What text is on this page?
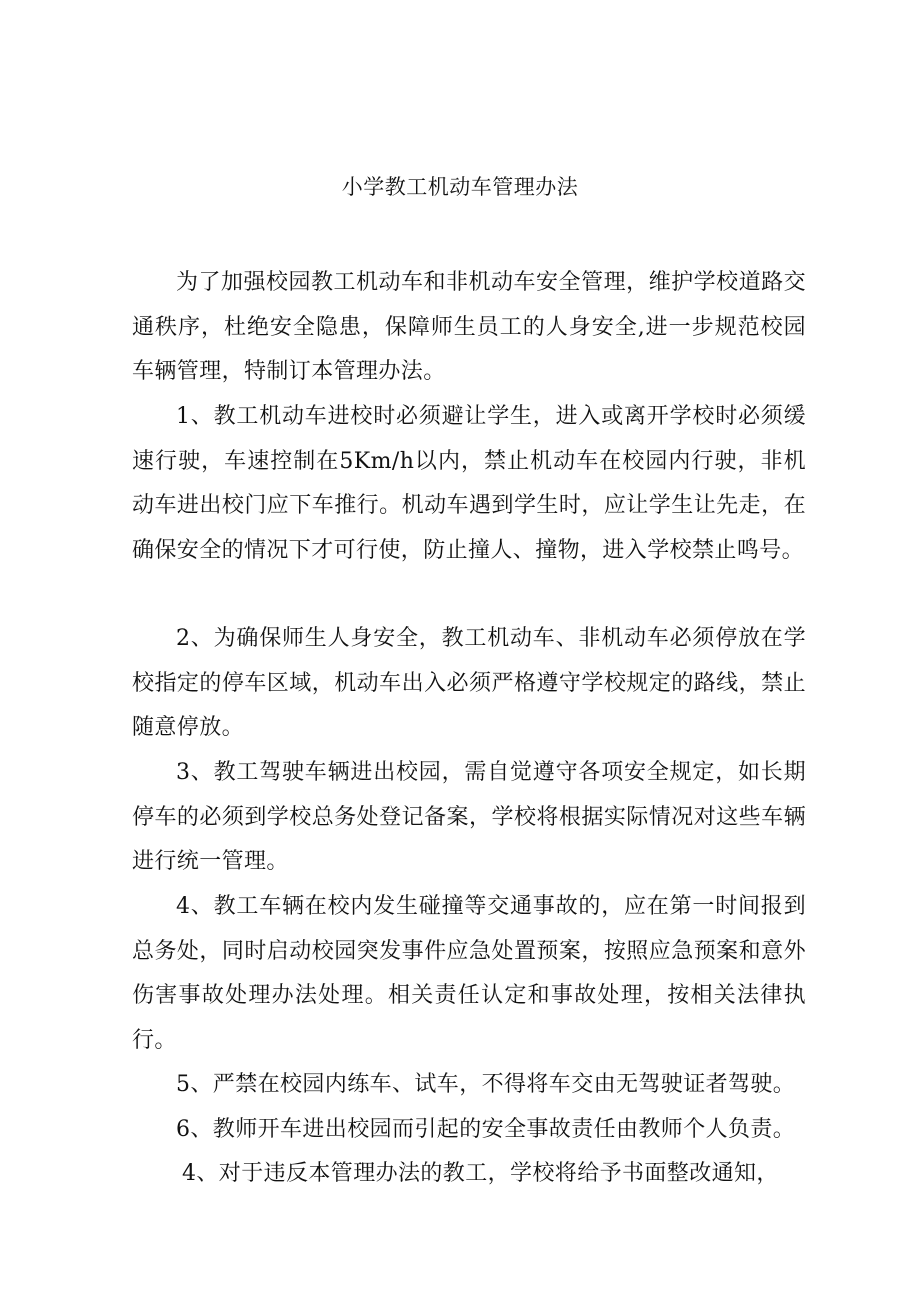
小学教工机动车管理办法

为了加强校园教工机动车和非机动车安全管理，维护学校道路交通秩序，杜绝安全隐患，保障师生员工的人身安全,进一步规范校园车辆管理，特制订本管理办法。

1、教工机动车进校时必须避让学生，进入或离开学校时必须缓速行驶，车速控制在5Km/h以内，禁止机动车在校园内行驶，非机动车进出校门应下车推行。机动车遇到学生时，应让学生让先走，在确保安全的情况下才可行使，防止撞人、撞物，进入学校禁止鸣号。

2、为确保师生人身安全，教工机动车、非机动车必须停放在学校指定的停车区域，机动车出入必须严格遵守学校规定的路线，禁止随意停放。

3、教工驾驶车辆进出校园，需自觉遵守各项安全规定，如长期停车的必须到学校总务处登记备案，学校将根据实际情况对这些车辆进行统一管理。

4、教工车辆在校内发生碰撞等交通事故的，应在第一时间报到总务处，同时启动校园突发事件应急处置预案，按照应急预案和意外伤害事故处理办法处理。相关责任认定和事故处理，按相关法律执行。

5、严禁在校园内练车、试车，不得将车交由无驾驶证者驾驶。

6、教师开车进出校园而引起的安全事故责任由教师个人负责。

4、对于违反本管理办法的教工，学校将给予书面整改通知，
